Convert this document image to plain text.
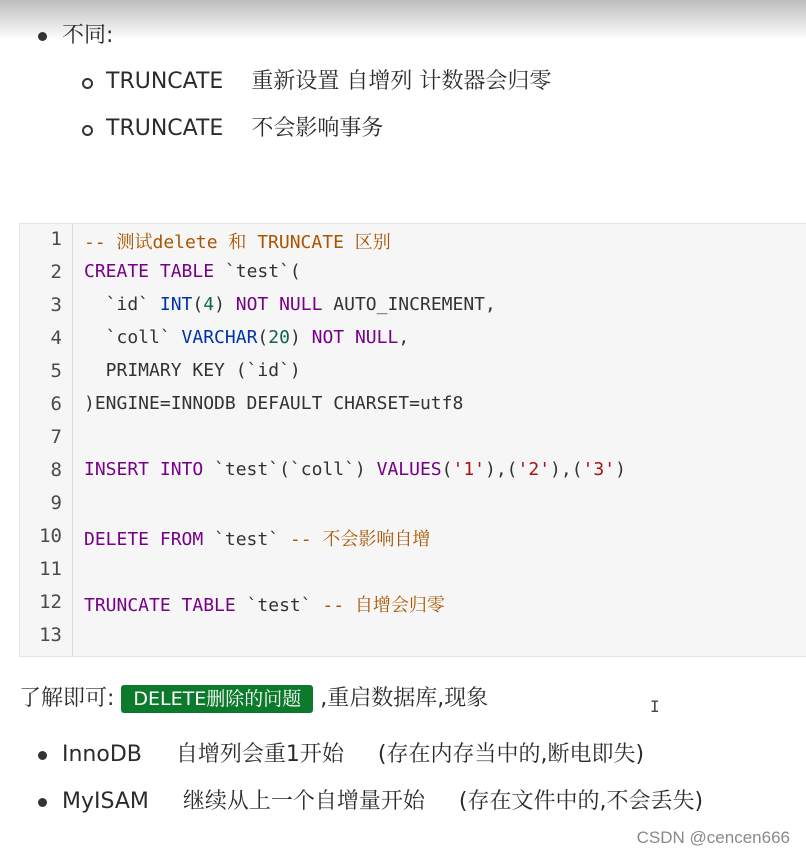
不同:
TRUNCATE 重新设置 自增列 计数器会归零
TRUNCATE 不会影响事务
1
2
3
4
5
6
7
8
9
10
11
12
13
-- 测试delete 和 TRUNCATE 区别
CREATE TABLE `test`(
`id` INT(4) NOT NULL AUTO_INCREMENT,
`coll` VARCHAR(20) NOT NULL,
PRIMARY KEY (`id`)
)ENGINE=INNODB DEFAULT CHARSET=utf8
INSERT INTO `test`(`coll`) VALUES('1'),('2'),('3')
DELETE FROM `test` -- 不会影响自增
TRUNCATE TABLE `test` -- 自增会归零
了解即可: DELETE删除的问题 ,重启数据库,现象	I
InnoDB 自增列会重1开始 (存在内存当中的,断电即失)
MyISAM 继续从上一个自增量开始 (存在文件中的,不会丢失)
CSDN @cencen666
